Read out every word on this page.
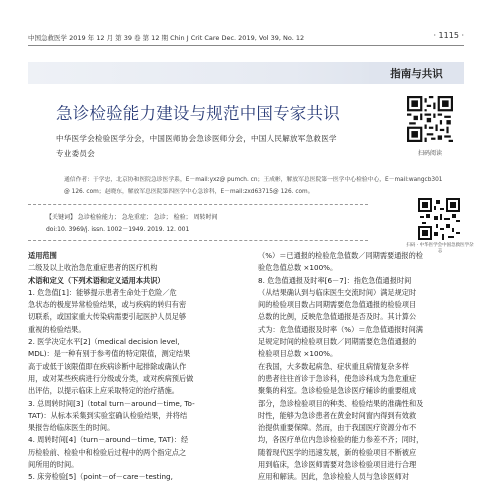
中国急救医学 2019 年 12 月 第 39 卷 第 12 期 Chin J Crit Care Dec. 2019, Vol 39, No. 12	· 1115 ·
指南与共识
急诊检验能力建设与规范中国专家共识
中华医学会检验医学分会，中国医师协会急诊医师分会，中国人民解放军急救医学
专业委员会	扫码阅读
通信作者：于学忠，北京协和医院急诊医学系，E－mail:yxz@ pumch. cn；王成彬，解放军总医院第一医学中心检验中心，E－mail:wangcb301
@ 126. com；赵晓东，解放军总医院第四医学中心急诊科，E－mail:zxd63715@ 126. com。
【关键词】 急诊检验能力； 急危重症； 急诊； 检验； 周转时间
doi:10. 3969/j. issn. 1002－1949. 2019. 12. 001
扫码 · 中华医学会中国急救医学杂志
适用范围
二级及以上收治急危重症患者的医疗机构
术语和定义（下列术语和定义适用本共识）
1. 危急值[1]：能够提示患者生命处于危险／危
急状态的极度异常检验结果，或与疾病的转归有密
切联系，或国家重大传染病需要引起医护人员足够
重视的检验结果。
2. 医学决定水平[2]（medical decision level,
MDL)：是一种有别于参考值的特定限值，测定结果
高于或低于该限值即在疾病诊断中起排除或确认作
用，或对某些疾病进行分级或分类，或对疾病预后做
出评估，以提示临床上应采取特定的治疗措施。
3. 总周转时间[3]（total turn－around－time, To-
TAT)：从标本采集到实验室确认检验结果，并将结
果报告给临床医生的时间。
4. 周转时间[4]（turn－around－time, TAT)：经
历检验前、检验中和检验后过程中的两个指定点之
间所用的时间。
5. 床旁检验[5]（point－of－care－testing,
（%）＝已通报的检验危急值数／同期需要通报的检
验危急值总数 ×100%。
8. 危急值通报及时率[6－7]：指危急值通报时间
（从结果确认到与临床医生交流时间）满足规定时
间的检验项目数占同期需要危急值通报的检验项目
总数的比例，反映危急值通报是否及时。其计算公
式为：危急值通报及时率（%）＝危急值通报时间满
足规定时间的检验项目数／同期需要危急值通报的
检验项目总数 ×100%。
在我国，大多数起病急、症状重且病情复杂多样
的患者往往首诊于急诊科，使急诊科成为急危重症
聚集的科室。急诊检验是急诊医疗辅诊的重要组成
部分，急诊检验项目的种类、检验结果的准确性和及
时性，能够为急诊患者在黄金时间窗内得到有效救
治提供重要保障。然而，由于我国医疗资源分布不
均，各医疗单位内急诊检验的能力参差不齐；同时，
随着现代医学的迅速发展，新的检验项目不断被应
用到临床，急诊医师需要对急诊检验项目进行合理
应用和解读。因此，急诊检验人员与急诊医师对
